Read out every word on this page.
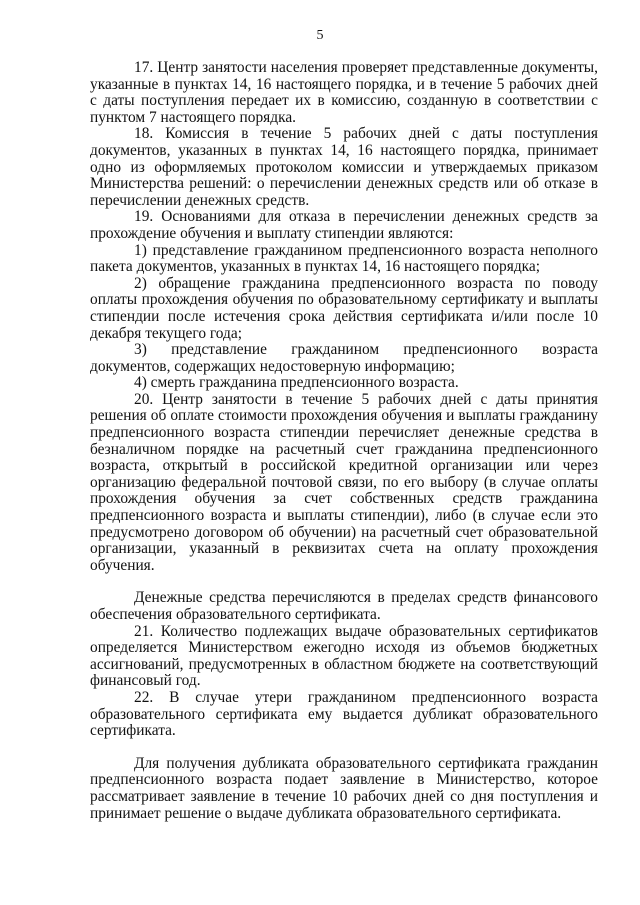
5

17. Центр занятости населения проверяет представленные документы, указанные в пунктах 14, 16 настоящего порядка, и в течение 5 рабочих дней с даты поступления передает их в комиссию, созданную в соответствии с пунктом 7 настоящего порядка.

18. Комиссия в течение 5 рабочих дней с даты поступления документов, указанных в пунктах 14, 16 настоящего порядка, принимает одно из оформляемых протоколом комиссии и утверждаемых приказом Министерства решений: о перечислении денежных средств или об отказе в перечислении денежных средств.

19. Основаниями для отказа в перечислении денежных средств за прохождение обучения и выплату стипендии являются:

1) представление гражданином предпенсионного возраста неполного пакета документов, указанных в пунктах 14, 16 настоящего порядка;

2) обращение гражданина предпенсионного возраста по поводу оплаты прохождения обучения по образовательному сертификату и выплаты стипендии после истечения срока действия сертификата и/или после 10 декабря текущего года;

3) представление гражданином предпенсионного возраста документов, содержащих недостоверную информацию;

4) смерть гражданина предпенсионного возраста.

20. Центр занятости в течение 5 рабочих дней с даты принятия решения об оплате стоимости прохождения обучения и выплаты гражданину предпенсионного возраста стипендии перечисляет денежные средства в безналичном порядке на расчетный счет гражданина предпенсионного возраста, открытый в российской кредитной организации или через организацию федеральной почтовой связи, по его выбору (в случае оплаты прохождения обучения за счет собственных средств гражданина предпенсионного возраста и выплаты стипендии), либо (в случае если это предусмотрено договором об обучении) на расчетный счет образовательной организации, указанный в реквизитах счета на оплату прохождения обучения.

Денежные средства перечисляются в пределах средств финансового обеспечения образовательного сертификата.

21. Количество подлежащих выдаче образовательных сертификатов определяется Министерством ежегодно исходя из объемов бюджетных ассигнований, предусмотренных в областном бюджете на соответствующий финансовый год.

22. В случае утери гражданином предпенсионного возраста образовательного сертификата ему выдается дубликат образовательного сертификата.

Для получения дубликата образовательного сертификата гражданин предпенсионного возраста подает заявление в Министерство, которое рассматривает заявление в течение 10 рабочих дней со дня поступления и принимает решение о выдаче дубликата образовательного сертификата.
